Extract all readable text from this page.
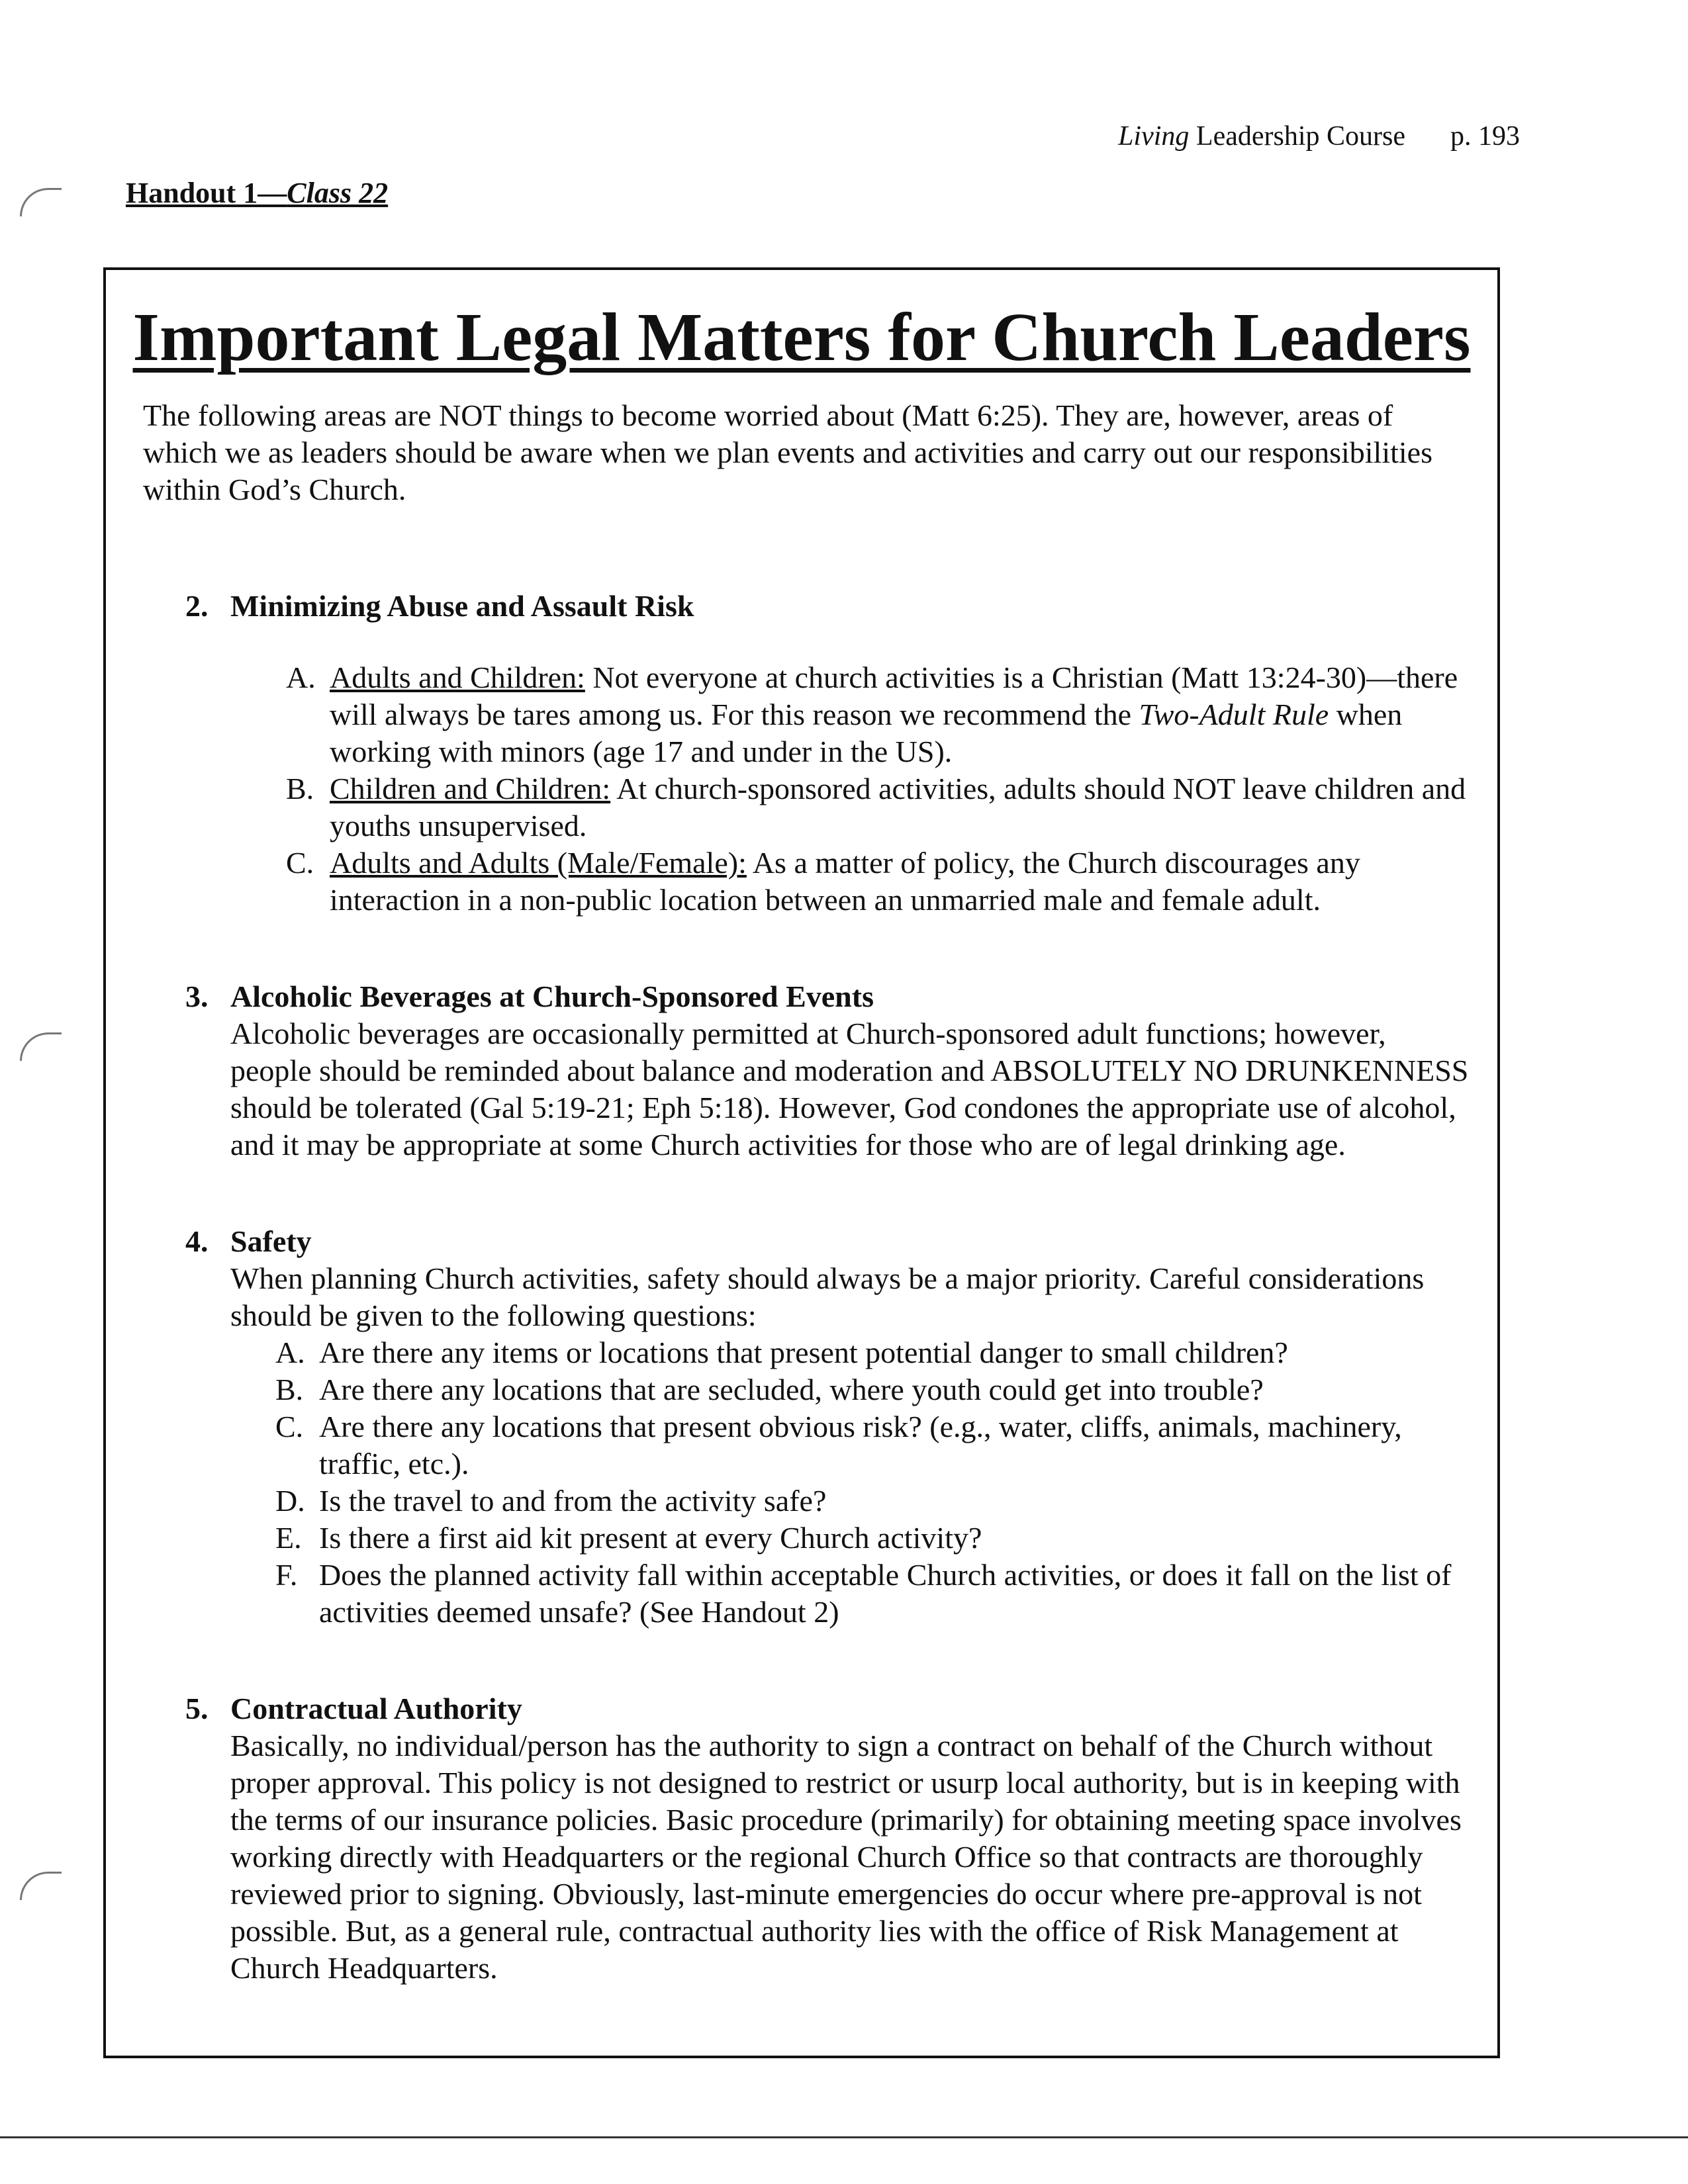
Living Leadership Course p. 193
Handout 1—Class 22
Important Legal Matters for Church Leaders

The following areas are NOT things to become worried about (Matt 6:25). They are, however, areas of which we as leaders should be aware when we plan events and activities and carry out our responsibilities within God’s Church.

2. Minimizing Abuse and Assault Risk
A. Adults and Children: Not everyone at church activities is a Christian (Matt 13:24-30)—there will always be tares among us. For this reason we recommend the Two-Adult Rule when working with minors (age 17 and under in the US).
B. Children and Children: At church-sponsored activities, adults should NOT leave children and youths unsupervised.
C. Adults and Adults (Male/Female): As a matter of policy, the Church discourages any interaction in a non-public location between an unmarried male and female adult.
3. Alcoholic Beverages at Church-Sponsored Events
Alcoholic beverages are occasionally permitted at Church-sponsored adult functions; however, people should be reminded about balance and moderation and ABSOLUTELY NO DRUNKENNESS should be tolerated (Gal 5:19-21; Eph 5:18). However, God condones the appropriate use of alcohol, and it may be appropriate at some Church activities for those who are of legal drinking age.
4. Safety
When planning Church activities, safety should always be a major priority. Careful considerations should be given to the following questions:
A. Are there any items or locations that present potential danger to small children?
B. Are there any locations that are secluded, where youth could get into trouble?
C. Are there any locations that present obvious risk? (e.g., water, cliffs, animals, machinery, traffic, etc.).
D. Is the travel to and from the activity safe?
E. Is there a first aid kit present at every Church activity?
F. Does the planned activity fall within acceptable Church activities, or does it fall on the list of activities deemed unsafe? (See Handout 2)
5. Contractual Authority
Basically, no individual/person has the authority to sign a contract on behalf of the Church without proper approval. This policy is not designed to restrict or usurp local authority, but is in keeping with the terms of our insurance policies. Basic procedure (primarily) for obtaining meeting space involves working directly with Headquarters or the regional Church Office so that contracts are thoroughly reviewed prior to signing. Obviously, last-minute emergencies do occur where pre-approval is not possible. But, as a general rule, contractual authority lies with the office of Risk Management at Church Headquarters.
